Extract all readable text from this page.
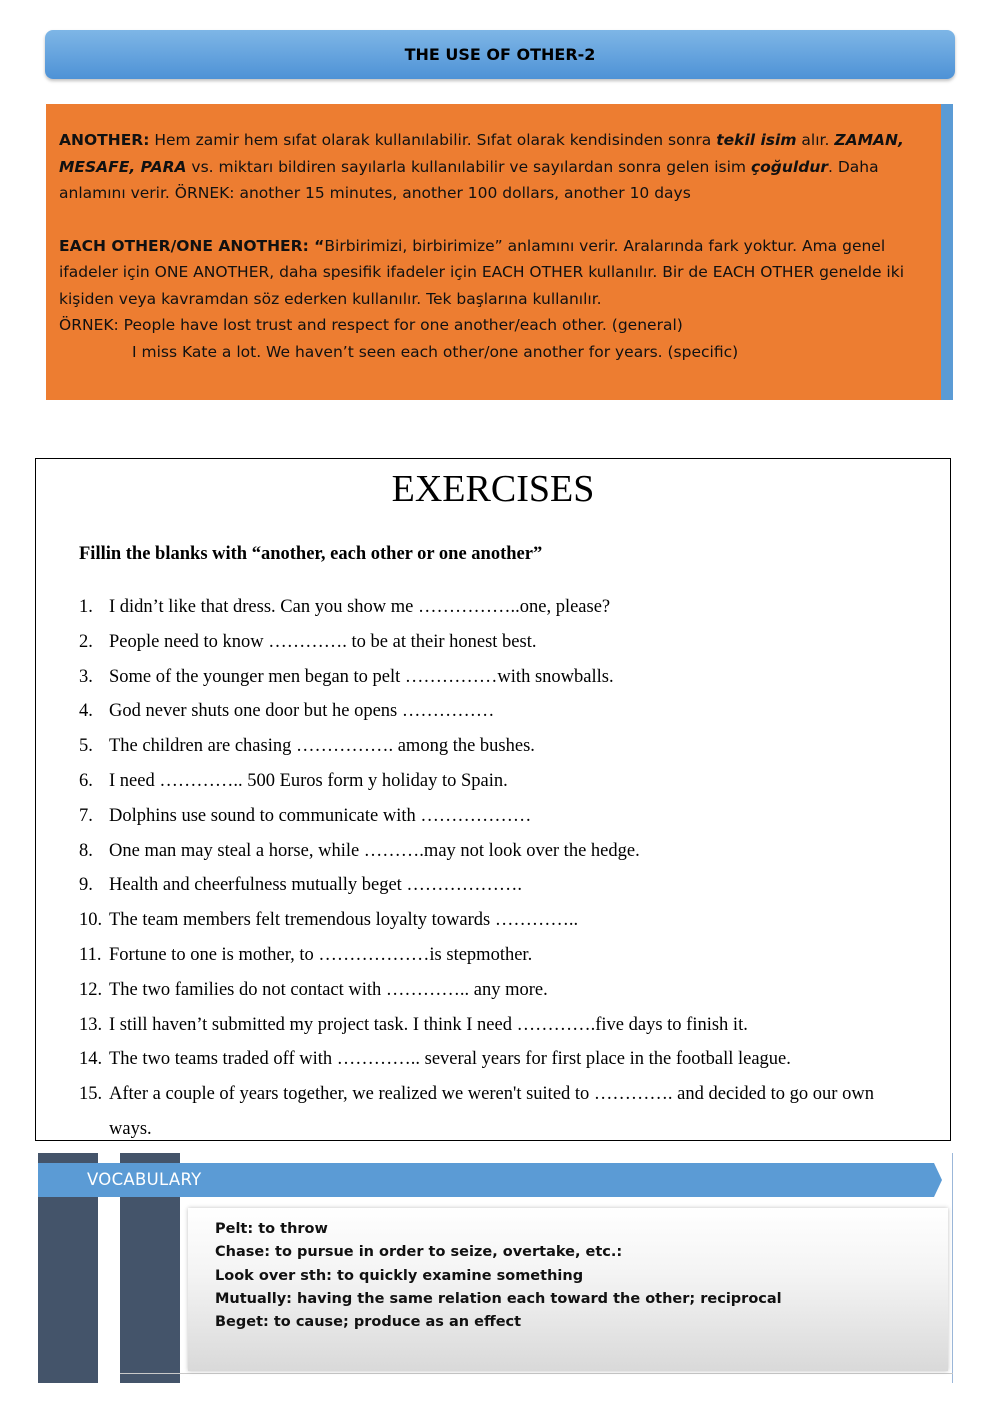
THE USE OF OTHER-2

ANOTHER: Hem zamir hem sıfat olarak kullanılabilir. Sıfat olarak kendisinden sonra tekil isim alır. ZAMAN, MESAFE, PARA vs. miktarı bildiren sayılarla kullanılabilir ve sayılardan sonra gelen isim çoğuldur. Daha anlamını verir. ÖRNEK: another 15 minutes, another 100 dollars, another 10 days

EACH OTHER/ONE ANOTHER: “Birbirimizi, birbirimize” anlamını verir. Aralarında fark yoktur. Ama genel ifadeler için ONE ANOTHER, daha spesifik ifadeler için EACH OTHER kullanılır. Bir de EACH OTHER genelde iki kişiden veya kavramdan söz ederken kullanılır. Tek başlarına kullanılır.

ÖRNEK: People have lost trust and respect for one another/each other. (general)

I miss Kate a lot. We haven’t seen each other/one another for years. (specific)

EXERCISES
Fillin the blanks with “another, each other or one another”
1. I didn’t like that dress. Can you show me ……………..one, please?
2. People need to know …………. to be at their honest best.
3. Some of the younger men began to pelt ……………with snowballs.
4. God never shuts one door but he opens ……………
5. The children are chasing ……………. among the bushes.
6. I need ………….. 500 Euros form y holiday to Spain.
7. Dolphins use sound to communicate with ………………
8. One man may steal a horse, while ……….may not look over the hedge.
9. Health and cheerfulness mutually beget ……………….
10. The team members felt tremendous loyalty towards …………..
11. Fortune to one is mother, to ………………is stepmother.
12. The two families do not contact with ………….. any more.
13. I still haven’t submitted my project task. I think I need ………….five days to finish it.
14. The two teams traded off with ………….. several years for first place in the football league.
15. After a couple of years together, we realized we weren't suited to …………. and decided to go our own ways.
VOCABULARY
Pelt: to throw
Chase: to pursue in order to seize, overtake, etc.:
Look over sth: to quickly examine something
Mutually: having the same relation each toward the other; reciprocal
Beget: to cause; produce as an effect
